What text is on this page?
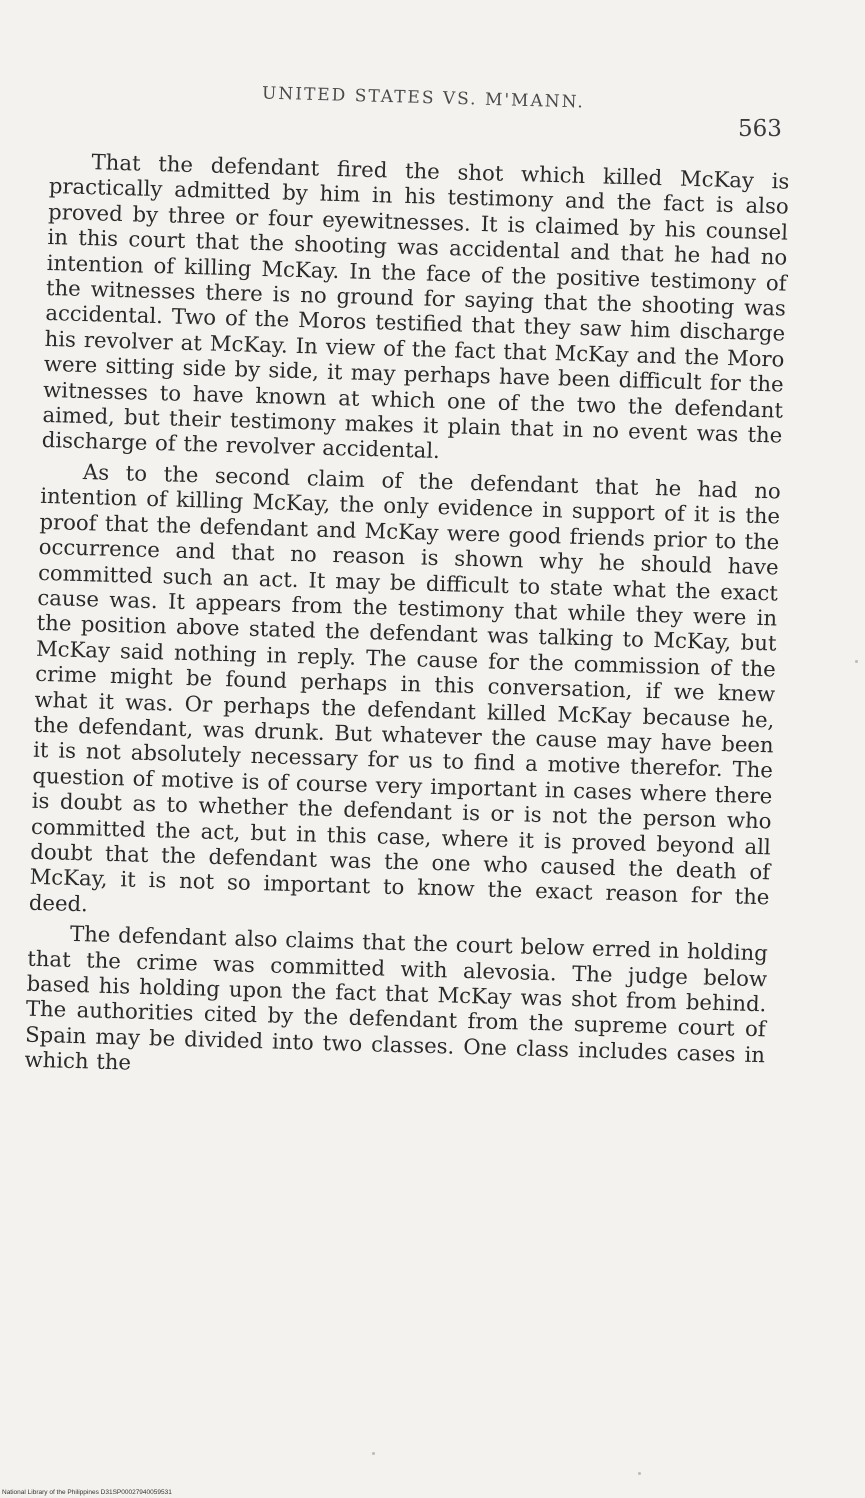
UNITED STATES VS. M'MANN.
563

That the defendant fired the shot which killed McKay is practically admitted by him in his testimony and the fact is also proved by three or four eyewitnesses. It is claimed by his counsel in this court that the shooting was accidental and that he had no intention of killing McKay. In the face of the positive testimony of the witnesses there is no ground for saying that the shooting was accidental. Two of the Moros testified that they saw him discharge his revolver at McKay. In view of the fact that McKay and the Moro were sitting side by side, it may perhaps have been difficult for the witnesses to have known at which one of the two the defendant aimed, but their testimony makes it plain that in no event was the discharge of the revolver accidental.

As to the second claim of the defendant that he had no intention of killing McKay, the only evidence in support of it is the proof that the defendant and McKay were good friends prior to the occurrence and that no reason is shown why he should have committed such an act. It may be difficult to state what the exact cause was. It appears from the testimony that while they were in the position above stated the defendant was talking to McKay, but McKay said nothing in reply. The cause for the commission of the crime might be found perhaps in this conversation, if we knew what it was. Or perhaps the defendant killed McKay because he, the defendant, was drunk. But whatever the cause may have been it is not absolutely necessary for us to find a motive therefor. The question of motive is of course very important in cases where there is doubt as to whether the defendant is or is not the person who committed the act, but in this case, where it is proved beyond all doubt that the defendant was the one who caused the death of McKay, it is not so important to know the exact reason for the deed.

The defendant also claims that the court below erred in holding that the crime was committed with alevosia. The judge below based his holding upon the fact that McKay was shot from behind. The authorities cited by the defendant from the supreme court of Spain may be divided into two classes. One class includes cases in which the

National Library of the Philippines D31SP00027940059531
